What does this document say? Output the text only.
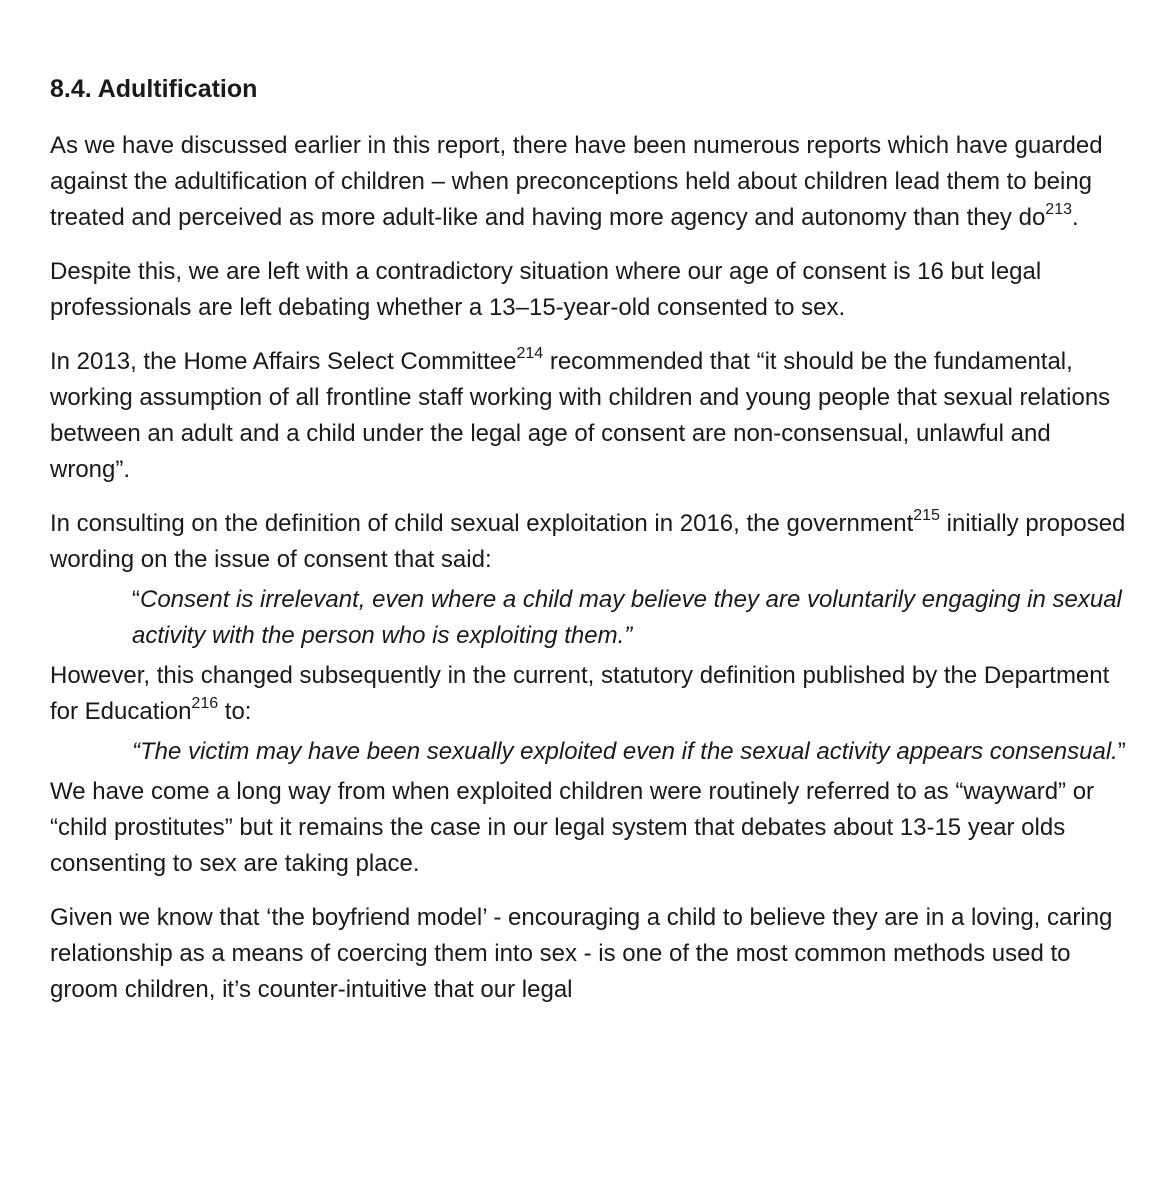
8.4. Adultification

As we have discussed earlier in this report, there have been numerous reports which have guarded against the adultification of children – when preconceptions held about children lead them to being treated and perceived as more adult-like and having more agency and autonomy than they $do^{213}$.

Despite this, we are left with a contradictory situation where our age of consent is 16 but legal professionals are left debating whether a 13–15-year-old consented to sex.

In 2013, the Home Affairs Select Committee$^{214}$ recommended that “it should be the fundamental, working assumption of all frontline staff working with children and young people that sexual relations between an adult and a child under the legal age of consent are non-consensual, unlawful and wrong”.

In consulting on the definition of child sexual exploitation in 2016, the government$^{215}$ initially proposed wording on the issue of consent that said:

“Consent is irrelevant, even where a child may believe they are voluntarily engaging in sexual activity with the person who is exploiting them.”

However, this changed subsequently in the current, statutory definition published by the Department for Education$^{216}$ to:

“The victim may have been sexually exploited even if the sexual activity appears consensual.”

We have come a long way from when exploited children were routinely referred to as “wayward” or “child prostitutes” but it remains the case in our legal system that debates about 13-15 year olds consenting to sex are taking place.

Given we know that ‘the boyfriend model’ - encouraging a child to believe they are in a loving, caring relationship as a means of coercing them into sex - is one of the most common methods used to groom children, it’s counter-intuitive that our legal
